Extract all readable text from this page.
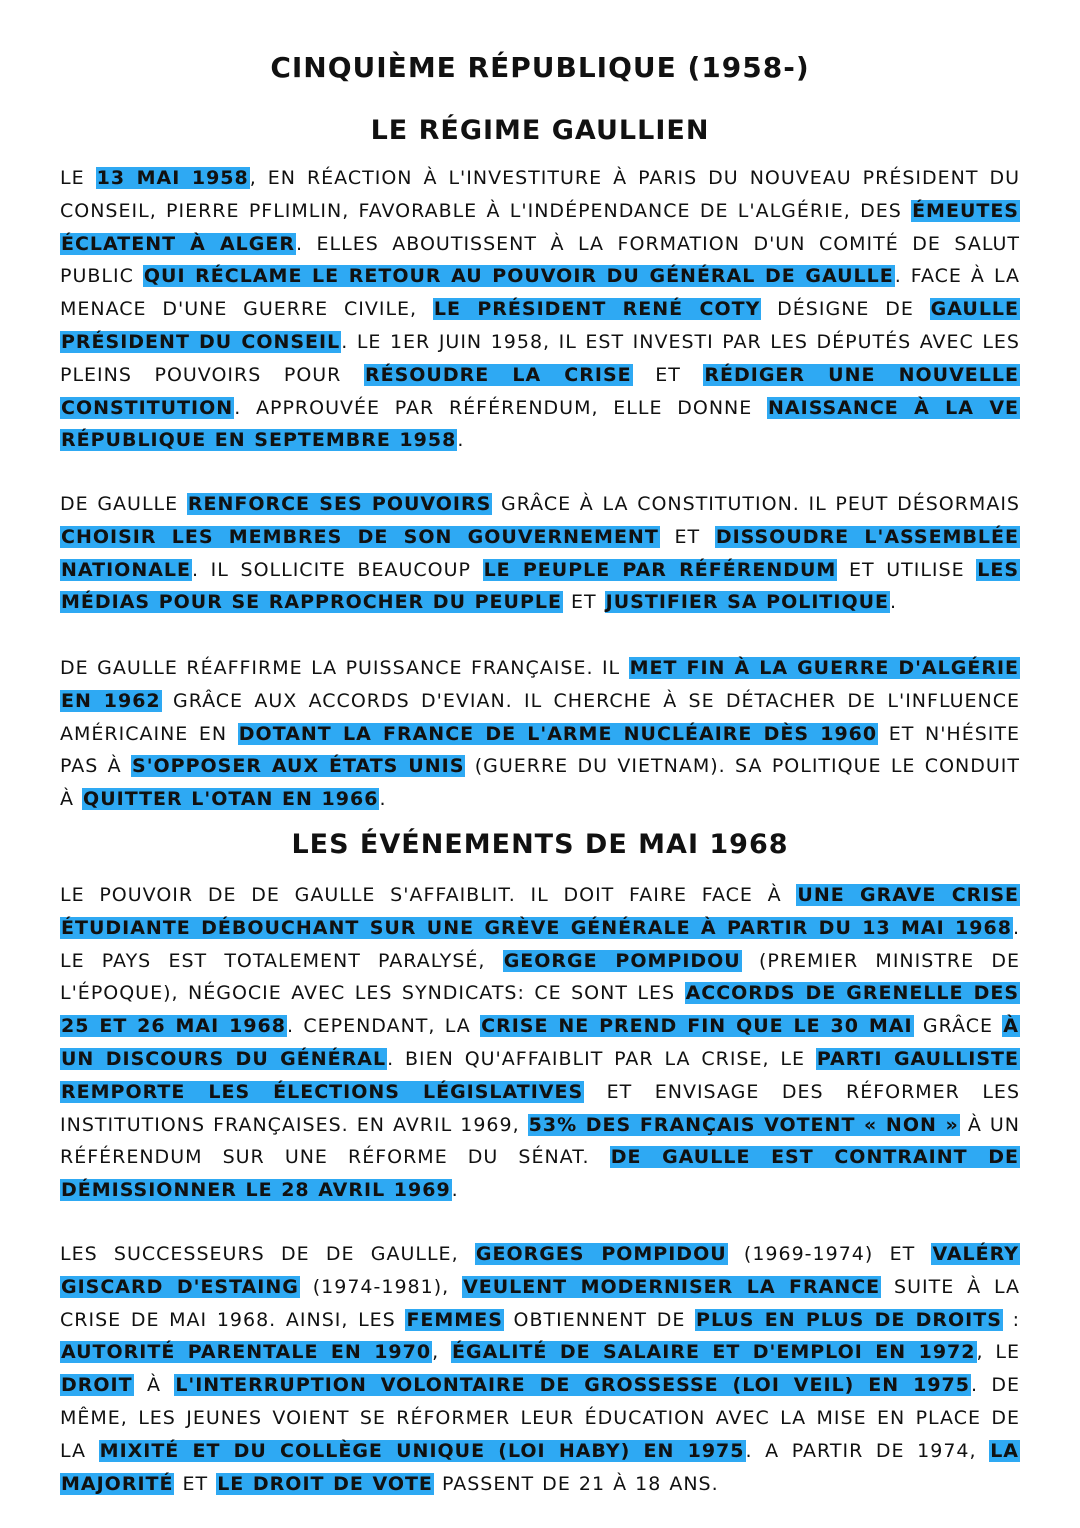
CINQUIÈME RÉPUBLIQUE (1958-)
LE RÉGIME GAULLIEN

LE 13 MAI 1958, EN RÉACTION À L'INVESTITURE À PARIS DU NOUVEAU PRÉSIDENT DU CONSEIL, PIERRE PFLIMLIN, FAVORABLE À L'INDÉPENDANCE DE L'ALGÉRIE, DES ÉMEUTES ÉCLATENT À ALGER. ELLES ABOUTISSENT À LA FORMATION D'UN COMITÉ DE SALUT PUBLIC QUI RÉCLAME LE RETOUR AU POUVOIR DU GÉNÉRAL DE GAULLE. FACE À LA MENACE D'UNE GUERRE CIVILE, LE PRÉSIDENT RENÉ COTY DÉSIGNE DE GAULLE PRÉSIDENT DU CONSEIL. LE 1ER JUIN 1958, IL EST INVESTI PAR LES DÉPUTÉS AVEC LES PLEINS POUVOIRS POUR RÉSOUDRE LA CRISE ET RÉDIGER UNE NOUVELLE CONSTITUTION. APPROUVÉE PAR RÉFÉRENDUM, ELLE DONNE NAISSANCE À LA VE RÉPUBLIQUE EN SEPTEMBRE 1958.

DE GAULLE RENFORCE SES POUVOIRS GRÂCE À LA CONSTITUTION. IL PEUT DÉSORMAIS CHOISIR LES MEMBRES DE SON GOUVERNEMENT ET DISSOUDRE L'ASSEMBLÉE NATIONALE. IL SOLLICITE BEAUCOUP LE PEUPLE PAR RÉFÉRENDUM ET UTILISE LES MÉDIAS POUR SE RAPPROCHER DU PEUPLE ET JUSTIFIER SA POLITIQUE.

DE GAULLE RÉAFFIRME LA PUISSANCE FRANÇAISE. IL MET FIN À LA GUERRE D'ALGÉRIE EN 1962 GRÂCE AUX ACCORDS D'EVIAN. IL CHERCHE À SE DÉTACHER DE L'INFLUENCE AMÉRICAINE EN DOTANT LA FRANCE DE L'ARME NUCLÉAIRE DÈS 1960 ET N'HÉSITE PAS À S'OPPOSER AUX ÉTATS UNIS (GUERRE DU VIETNAM). SA POLITIQUE LE CONDUIT À QUITTER L'OTAN EN 1966.

LES ÉVÉNEMENTS DE MAI 1968

LE POUVOIR DE DE GAULLE S'AFFAIBLIT. IL DOIT FAIRE FACE À UNE GRAVE CRISE ÉTUDIANTE DÉBOUCHANT SUR UNE GRÈVE GÉNÉRALE À PARTIR DU 13 MAI 1968. LE PAYS EST TOTALEMENT PARALYSÉ, GEORGE POMPIDOU (PREMIER MINISTRE DE L'ÉPOQUE), NÉGOCIE AVEC LES SYNDICATS: CE SONT LES ACCORDS DE GRENELLE DES 25 ET 26 MAI 1968. CEPENDANT, LA CRISE NE PREND FIN QUE LE 30 MAI GRÂCE À UN DISCOURS DU GÉNÉRAL. BIEN QU'AFFAIBLIT PAR LA CRISE, LE PARTI GAULLISTE REMPORTE LES ÉLECTIONS LÉGISLATIVES ET ENVISAGE DES RÉFORMER LES INSTITUTIONS FRANÇAISES. EN AVRIL 1969, 53% DES FRANÇAIS VOTENT « NON » À UN RÉFÉRENDUM SUR UNE RÉFORME DU SÉNAT. DE GAULLE EST CONTRAINT DE DÉMISSIONNER LE 28 AVRIL 1969.

LES SUCCESSEURS DE DE GAULLE, GEORGES POMPIDOU (1969-1974) ET VALÉRY GISCARD D'ESTAING (1974-1981), VEULENT MODERNISER LA FRANCE SUITE À LA CRISE DE MAI 1968. AINSI, LES FEMMES OBTIENNENT DE PLUS EN PLUS DE DROITS : AUTORITÉ PARENTALE EN 1970, ÉGALITÉ DE SALAIRE ET D'EMPLOI EN 1972, LE DROIT À L'INTERRUPTION VOLONTAIRE DE GROSSESSE (LOI VEIL) EN 1975. DE MÊME, LES JEUNES VOIENT SE RÉFORMER LEUR ÉDUCATION AVEC LA MISE EN PLACE DE LA MIXITÉ ET DU COLLÈGE UNIQUE (LOI HABY) EN 1975. A PARTIR DE 1974, LA MAJORITÉ ET LE DROIT DE VOTE PASSENT DE 21 À 18 ANS.
